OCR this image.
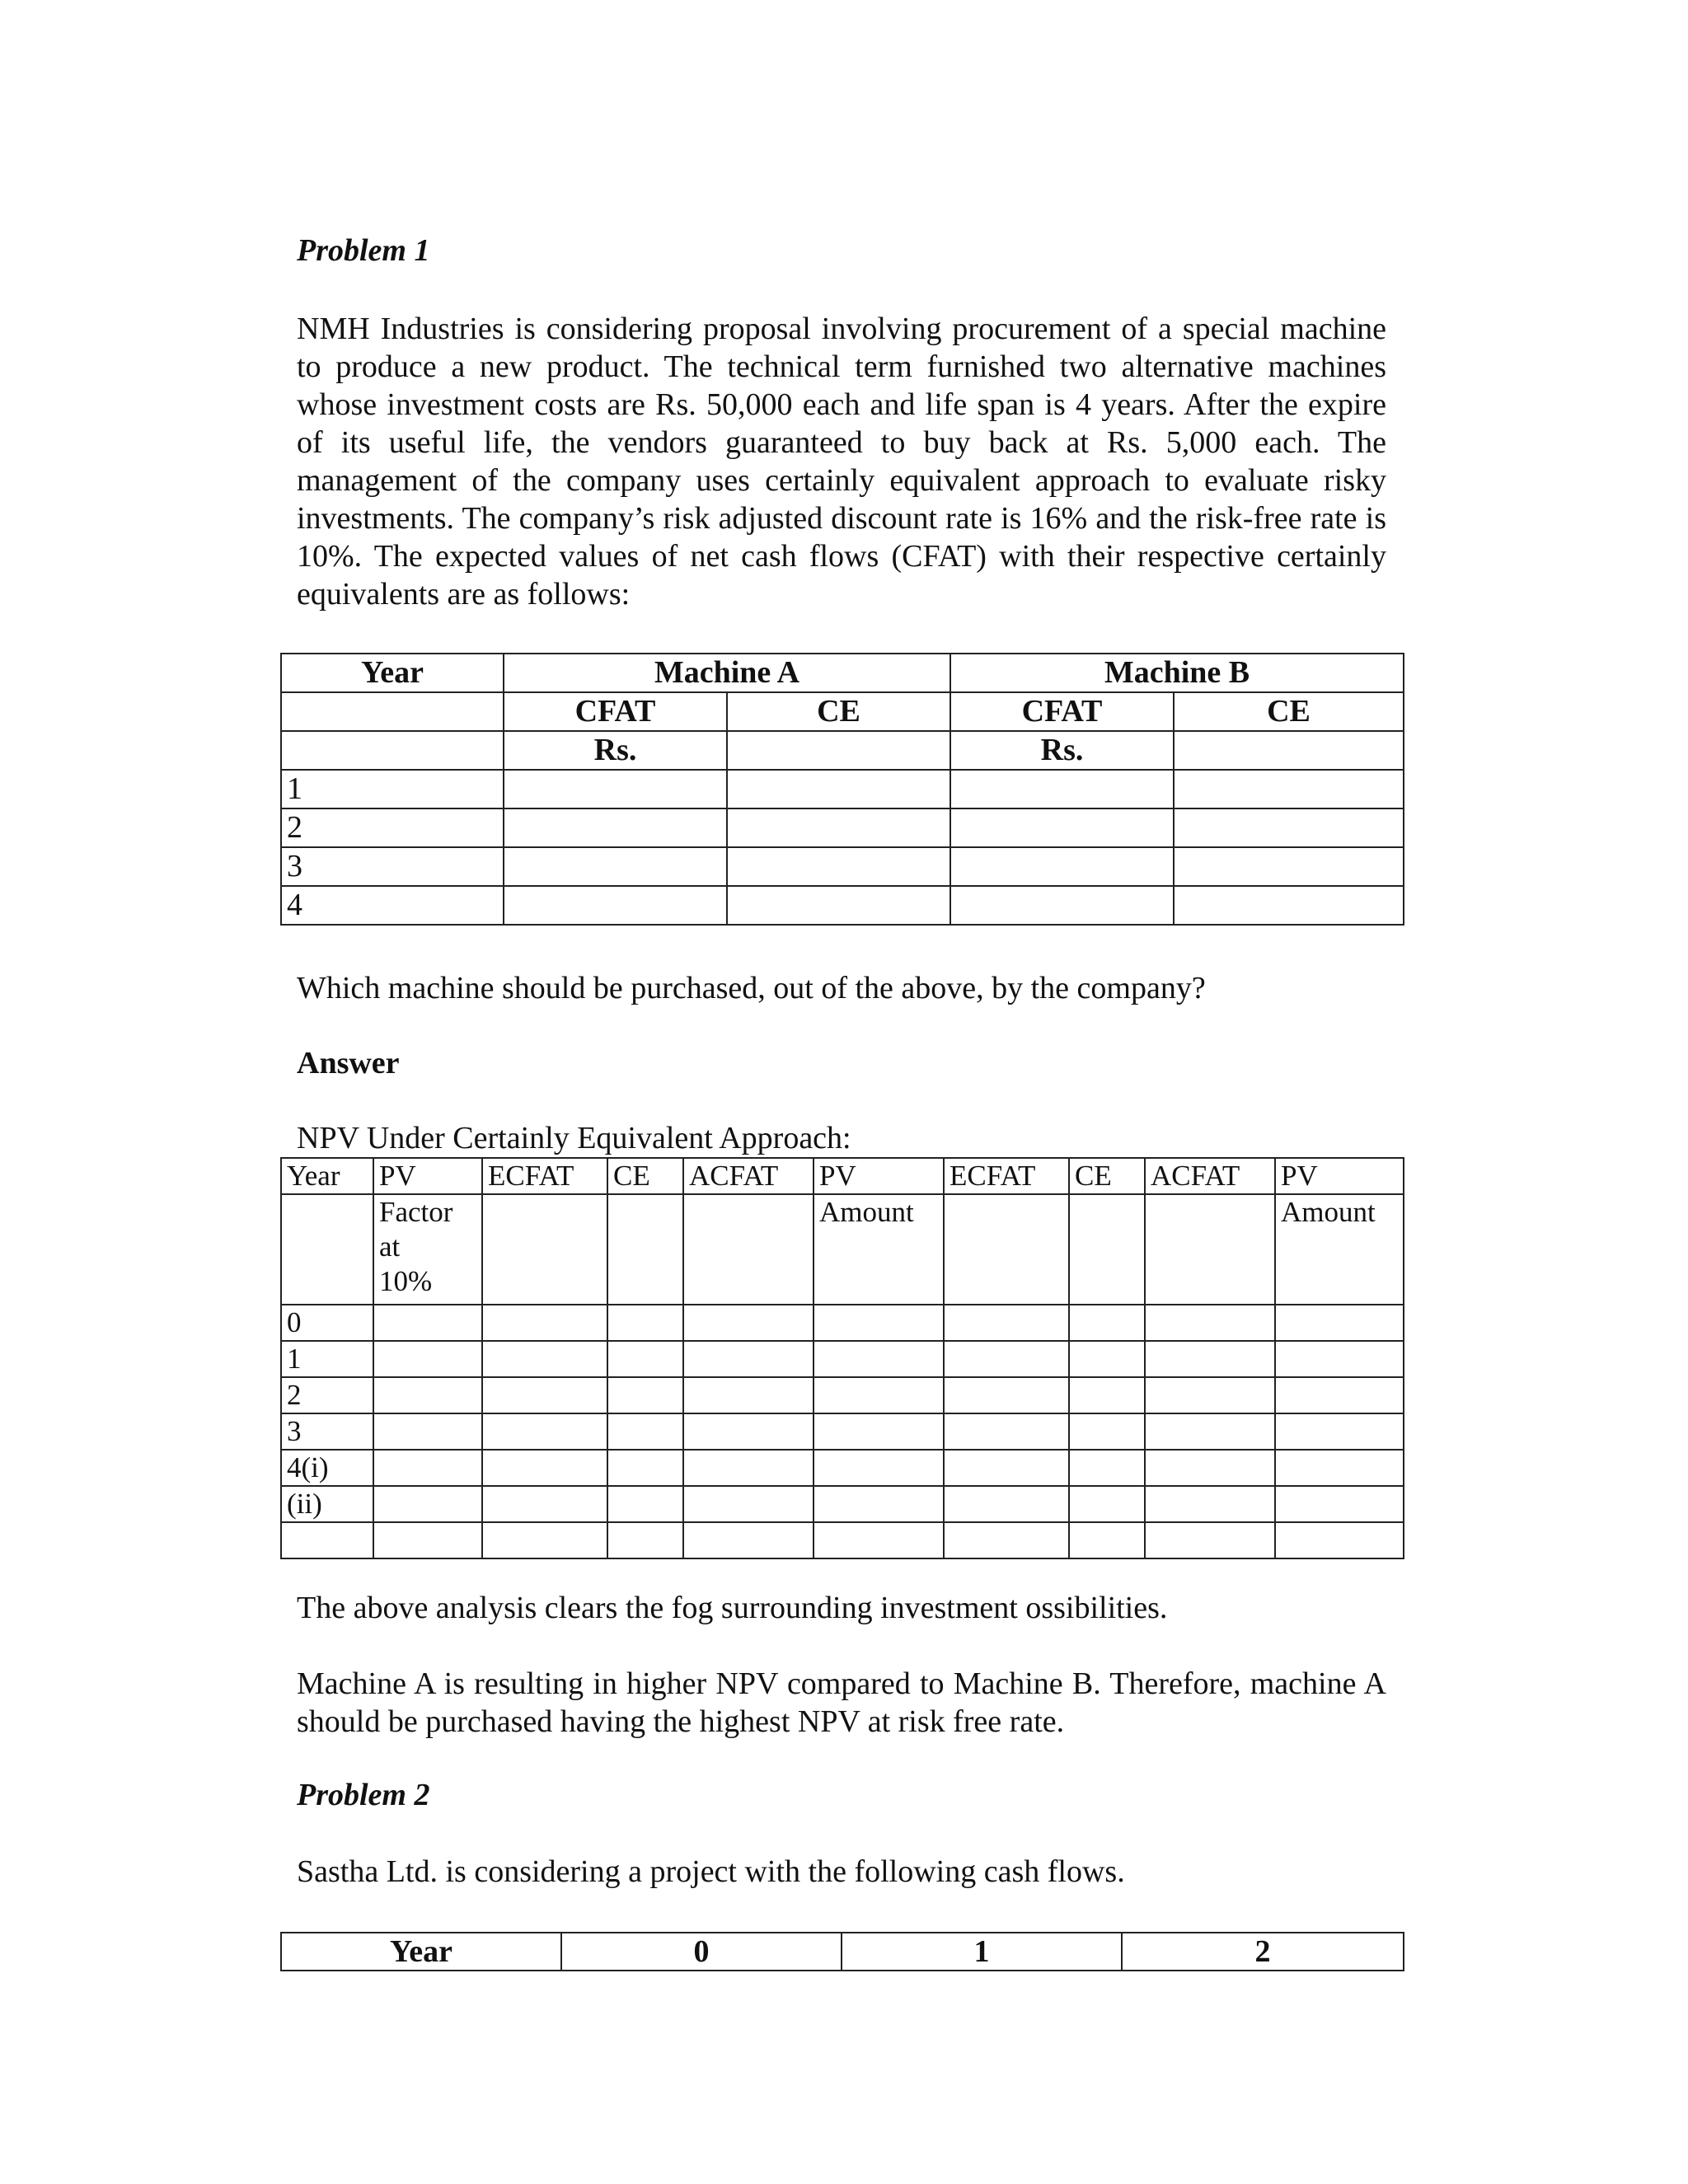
Problem 1

NMH Industries is considering proposal involving procurement of a special machine to produce a new product. The technical term furnished two alternative machines whose investment costs are Rs. 50,000 each and life span is 4 years. After the expire of its useful life, the vendors guaranteed to buy back at Rs. 5,000 each. The management of the company uses certainly equivalent approach to evaluate risky investments. The company’s risk adjusted discount rate is 16% and the risk-free rate is 10%. The expected values of net cash flows (CFAT) with their respective certainly equivalents are as follows:

Year	Machine A		Machine B	
	CFAT	CE	CFAT	CE
	Rs.		Rs.	
1				
2				
3				
4				

Which machine should be purchased, out of the above, by the company?

Answer

NPV Under Certainly Equivalent Approach:

Year	PV	ECFAT	CE	ACFAT	PV	ECFAT	CE	ACFAT	PV

	Factor
at
10%				Amount				Amount
0									
1									
2									
3									
4(i)									
(ii)									

The above analysis clears the fog surrounding investment ossibilities.

Machine A is resulting in higher NPV compared to Machine B. Therefore, machine A should be purchased having the highest NPV at risk free rate.

Problem 2

Sastha Ltd. is considering a project with the following cash flows.

Year	0	1	2
